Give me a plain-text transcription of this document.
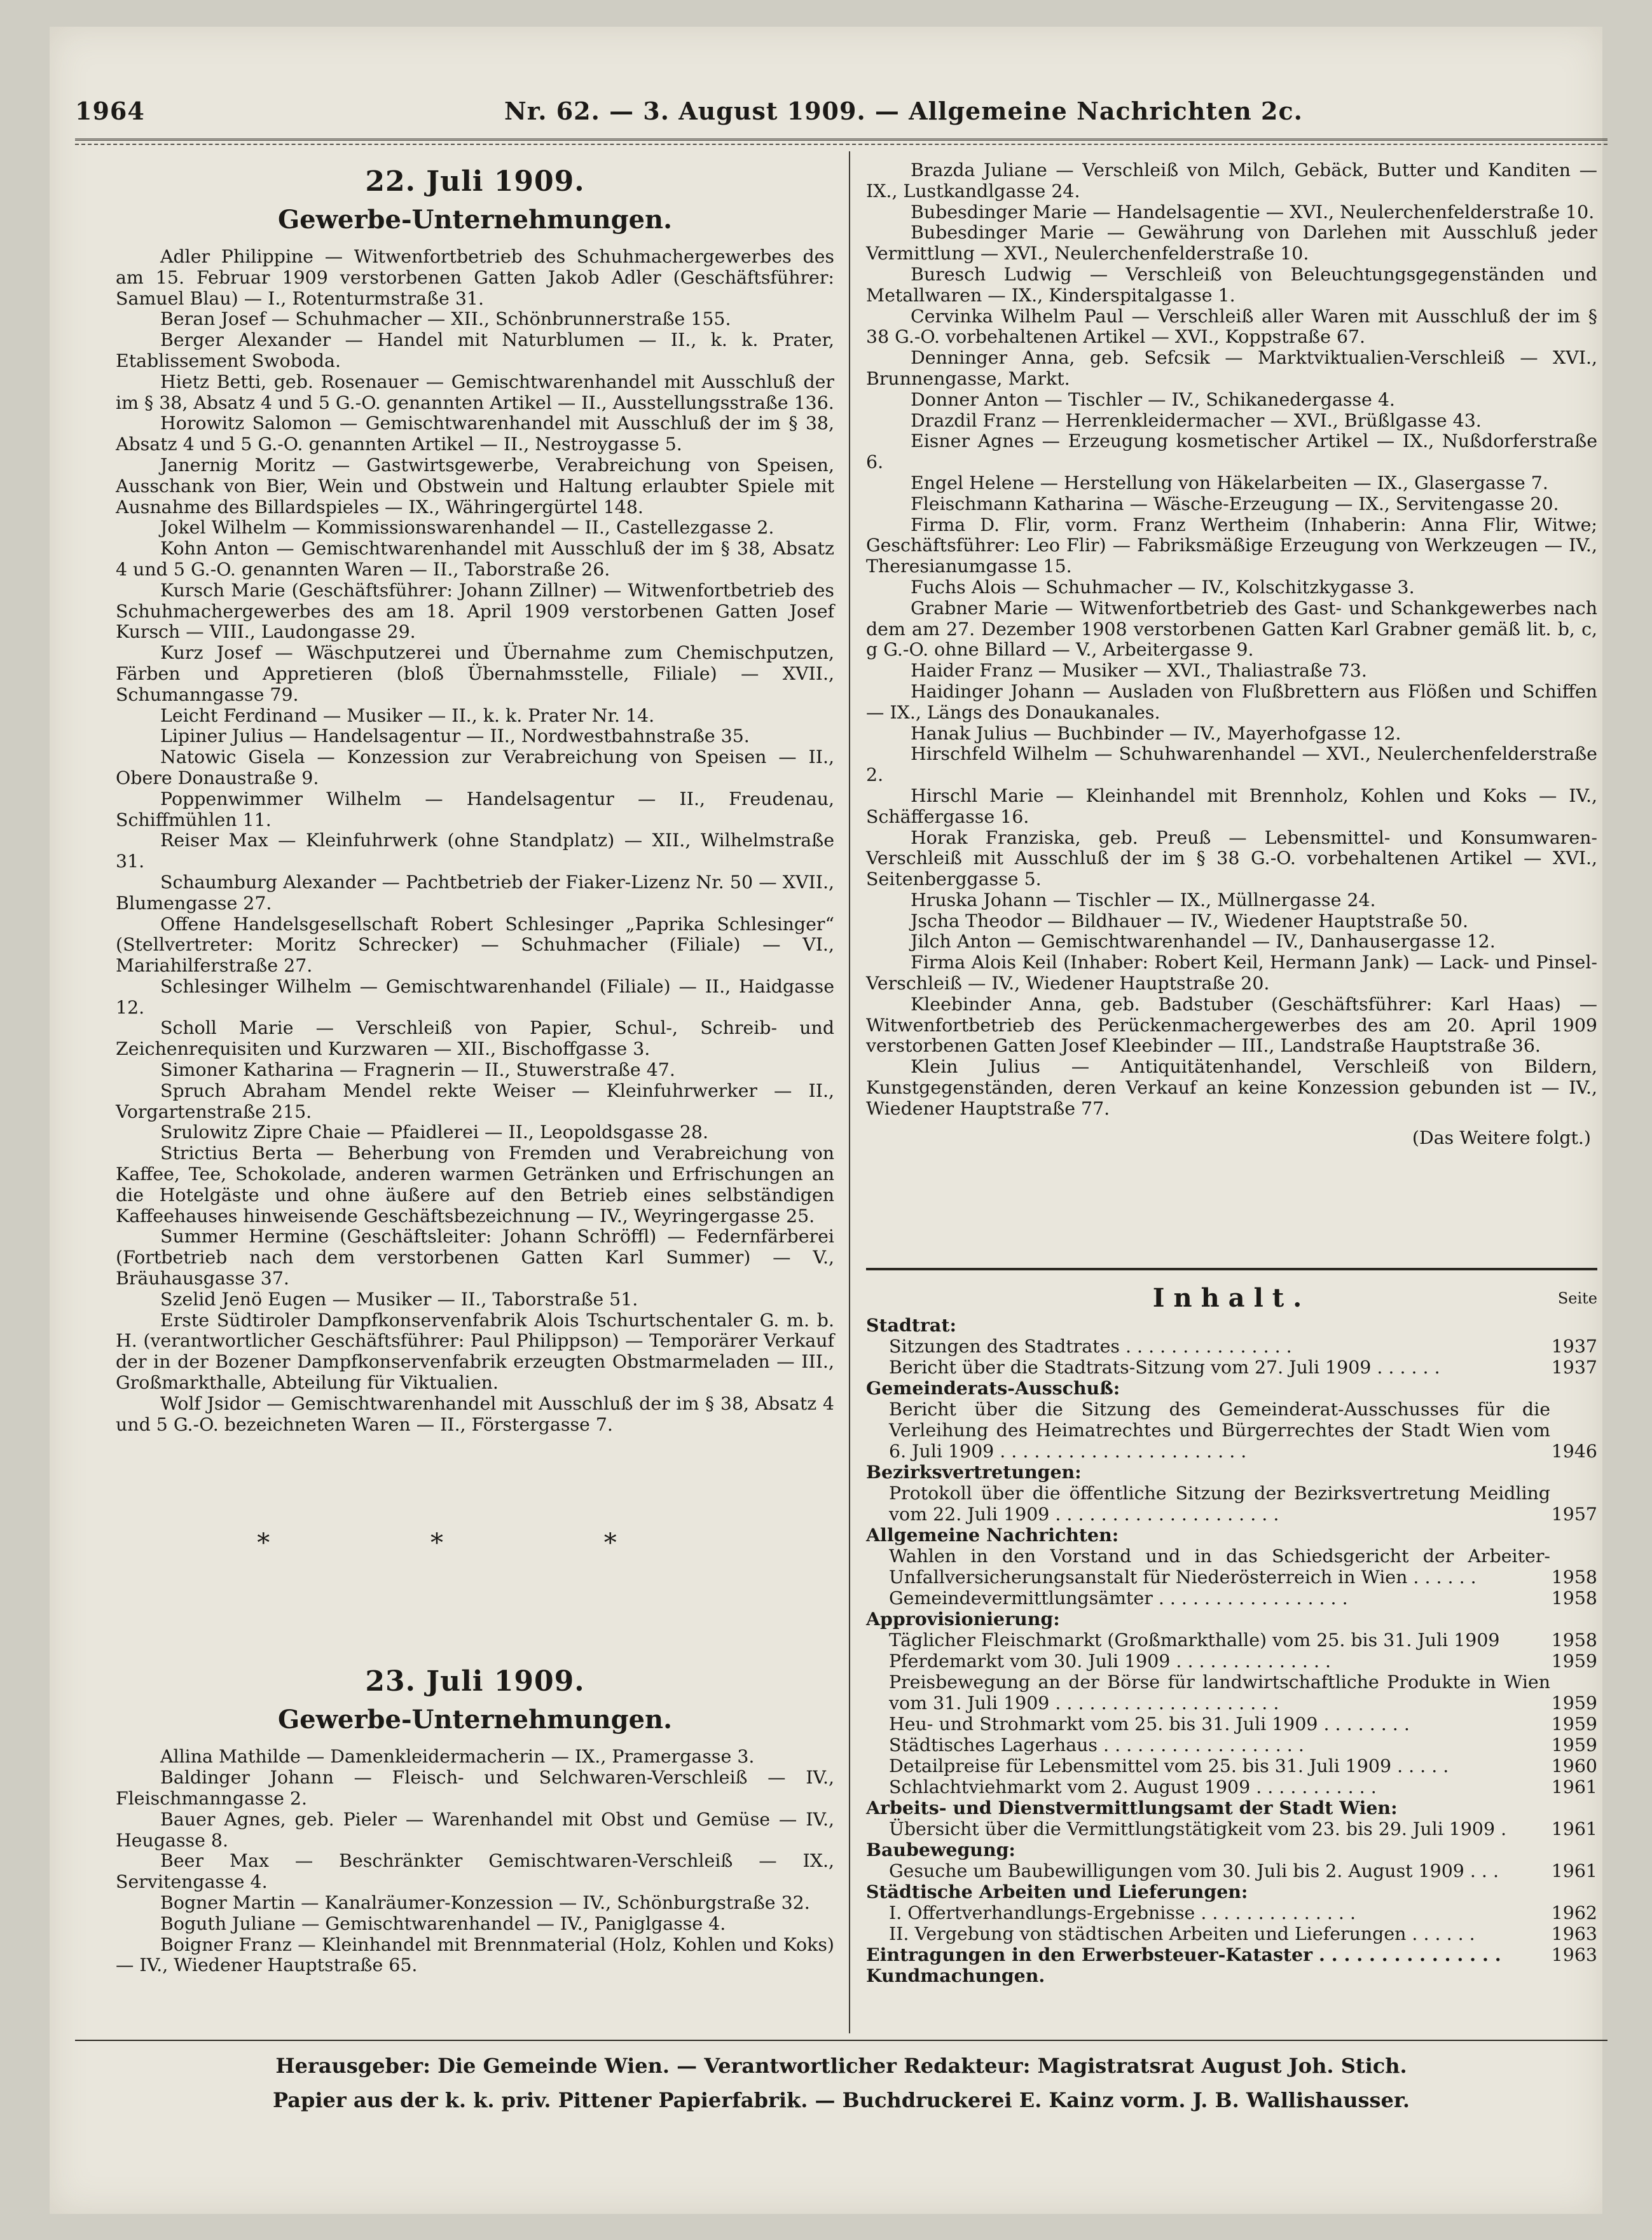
1964	Nr. 62. — 3. August 1909. — Allgemeine Nachrichten 2c.
22. Juli 1909.
Gewerbe-Unternehmungen.

Adler Philippine — Witwenfortbetrieb des Schuhmachergewerbes des am 15. Februar 1909 verstorbenen Gatten Jakob Adler (Geschäftsführer: Samuel Blau) — I., Rotenturmstraße 31.

Beran Josef — Schuhmacher — XII., Schönbrunnerstraße 155.

Berger Alexander — Handel mit Naturblumen — II., k. k. Prater, Etablissement Swoboda.

Hietz Betti, geb. Rosenauer — Gemischtwarenhandel mit Ausschluß der im § 38, Absatz 4 und 5 G.-O. genannten Artikel — II., Ausstellungsstraße 136.

Horowitz Salomon — Gemischtwarenhandel mit Ausschluß der im § 38, Absatz 4 und 5 G.-O. genannten Artikel — II., Nestroygasse 5.

Janernig Moritz — Gastwirtsgewerbe, Verabreichung von Speisen, Ausschank von Bier, Wein und Obstwein und Haltung erlaubter Spiele mit Ausnahme des Billardspieles — IX., Währingergürtel 148.

Jokel Wilhelm — Kommissionswarenhandel — II., Castellezgasse 2.

Kohn Anton — Gemischtwarenhandel mit Ausschluß der im § 38, Absatz 4 und 5 G.-O. genannten Waren — II., Taborstraße 26.

Kursch Marie (Geschäftsführer: Johann Zillner) — Witwenfortbetrieb des Schuhmachergewerbes des am 18. April 1909 verstorbenen Gatten Josef Kursch — VIII., Laudongasse 29.

Kurz Josef — Wäschputzerei und Übernahme zum Chemischputzen, Färben und Appretieren (bloß Übernahmsstelle, Filiale) — XVII., Schumanngasse 79.

Leicht Ferdinand — Musiker — II., k. k. Prater Nr. 14.

Lipiner Julius — Handelsagentur — II., Nordwestbahnstraße 35.

Natowic Gisela — Konzession zur Verabreichung von Speisen — II., Obere Donaustraße 9.

Poppenwimmer Wilhelm — Handelsagentur — II., Freudenau, Schiffmühlen 11.

Reiser Max — Kleinfuhrwerk (ohne Standplatz) — XII., Wilhelmstraße 31.

Schaumburg Alexander — Pachtbetrieb der Fiaker-Lizenz Nr. 50 — XVII., Blumengasse 27.

Offene Handelsgesellschaft Robert Schlesinger „Paprika Schlesinger“ (Stellvertreter: Moritz Schrecker) — Schuhmacher (Filiale) — VI., Mariahilferstraße 27.

Schlesinger Wilhelm — Gemischtwarenhandel (Filiale) — II., Haidgasse 12.

Scholl Marie — Verschleiß von Papier, Schul-, Schreib- und Zeichenrequisiten und Kurzwaren — XII., Bischoffgasse 3.

Simoner Katharina — Fragnerin — II., Stuwerstraße 47.

Spruch Abraham Mendel rekte Weiser — Kleinfuhrwerker — II., Vorgartenstraße 215.

Srulowitz Zipre Chaie — Pfaidlerei — II., Leopoldsgasse 28.

Strictius Berta — Beherbung von Fremden und Verabreichung von Kaffee, Tee, Schokolade, anderen warmen Getränken und Erfrischungen an die Hotelgäste und ohne äußere auf den Betrieb eines selbständigen Kaffeehauses hinweisende Geschäftsbezeichnung — IV., Weyringergasse 25.

Summer Hermine (Geschäftsleiter: Johann Schröffl) — Federnfärberei (Fortbetrieb nach dem verstorbenen Gatten Karl Summer) — V., Bräuhausgasse 37.

Szelid Jenö Eugen — Musiker — II., Taborstraße 51.

Erste Südtiroler Dampfkonservenfabrik Alois Tschurtschentaler G. m. b. H. (verantwortlicher Geschäftsführer: Paul Philippson) — Temporärer Verkauf der in der Bozener Dampfkonservenfabrik erzeugten Obstmarmeladen — III., Großmarkthalle, Abteilung für Viktualien.

Wolf Jsidor — Gemischtwarenhandel mit Ausschluß der im § 38, Absatz 4 und 5 G.-O. bezeichneten Waren — II., Förstergasse 7.

* * *
23. Juli 1909.
Gewerbe-Unternehmungen.

Allina Mathilde — Damenkleidermacherin — IX., Pramergasse 3.

Baldinger Johann — Fleisch- und Selchwaren-Verschleiß — IV., Fleischmanngasse 2.

Bauer Agnes, geb. Pieler — Warenhandel mit Obst und Gemüse — IV., Heugasse 8.

Beer Max — Beschränkter Gemischtwaren-Verschleiß — IX., Servitengasse 4.

Bogner Martin — Kanalräumer-Konzession — IV., Schönburgstraße 32.

Boguth Juliane — Gemischtwarenhandel — IV., Paniglgasse 4.

Boigner Franz — Kleinhandel mit Brennmaterial (Holz, Kohlen und Koks) — IV., Wiedener Hauptstraße 65.

Brazda Juliane — Verschleiß von Milch, Gebäck, Butter und Kanditen — IX., Lustkandlgasse 24.

Bubesdinger Marie — Handelsagentie — XVI., Neulerchenfelderstraße 10.

Bubesdinger Marie — Gewährung von Darlehen mit Ausschluß jeder Vermittlung — XVI., Neulerchenfelderstraße 10.

Buresch Ludwig — Verschleiß von Beleuchtungsgegenständen und Metallwaren — IX., Kinderspitalgasse 1.

Cervinka Wilhelm Paul — Verschleiß aller Waren mit Ausschluß der im § 38 G.-O. vorbehaltenen Artikel — XVI., Koppstraße 67.

Denninger Anna, geb. Sefcsik — Marktviktualien-Verschleiß — XVI., Brunnengasse, Markt.

Donner Anton — Tischler — IV., Schikanedergasse 4.

Drazdil Franz — Herrenkleidermacher — XVI., Brüßlgasse 43.

Eisner Agnes — Erzeugung kosmetischer Artikel — IX., Nußdorferstraße 6.

Engel Helene — Herstellung von Häkelarbeiten — IX., Glasergasse 7.

Fleischmann Katharina — Wäsche-Erzeugung — IX., Servitengasse 20.

Firma D. Flir, vorm. Franz Wertheim (Inhaberin: Anna Flir, Witwe; Geschäftsführer: Leo Flir) — Fabriksmäßige Erzeugung von Werkzeugen — IV., Theresianumgasse 15.

Fuchs Alois — Schuhmacher — IV., Kolschitzkygasse 3.

Grabner Marie — Witwenfortbetrieb des Gast- und Schankgewerbes nach dem am 27. Dezember 1908 verstorbenen Gatten Karl Grabner gemäß lit. b, c, g G.-O. ohne Billard — V., Arbeitergasse 9.

Haider Franz — Musiker — XVI., Thaliastraße 73.

Haidinger Johann — Ausladen von Flußbrettern aus Flößen und Schiffen — IX., Längs des Donaukanales.

Hanak Julius — Buchbinder — IV., Mayerhofgasse 12.

Hirschfeld Wilhelm — Schuhwarenhandel — XVI., Neulerchenfelderstraße 2.

Hirschl Marie — Kleinhandel mit Brennholz, Kohlen und Koks — IV., Schäffergasse 16.

Horak Franziska, geb. Preuß — Lebensmittel- und Konsumwaren-Verschleiß mit Ausschluß der im § 38 G.-O. vorbehaltenen Artikel — XVI., Seitenberggasse 5.

Hruska Johann — Tischler — IX., Müllnergasse 24.

Jscha Theodor — Bildhauer — IV., Wiedener Hauptstraße 50.

Jilch Anton — Gemischtwarenhandel — IV., Danhausergasse 12.

Firma Alois Keil (Inhaber: Robert Keil, Hermann Jank) — Lack- und Pinsel-Verschleiß — IV., Wiedener Hauptstraße 20.

Kleebinder Anna, geb. Badstuber (Geschäftsführer: Karl Haas) — Witwenfortbetrieb des Perückenmachergewerbes des am 20. April 1909 verstorbenen Gatten Josef Kleebinder — III., Landstraße Hauptstraße 36.

Klein Julius — Antiquitätenhandel, Verschleiß von Bildern, Kunstgegenständen, deren Verkauf an keine Konzession gebunden ist — IV., Wiedener Hauptstraße 77.

(Das Weitere folgt.)
Inhalt.	Seite
Stadtrat:
Sitzungen des Stadtrates . . . . . . . . . . . . . . .	1937
Bericht über die Stadtrats-Sitzung vom 27. Juli 1909 . . . . . .	1937
Gemeinderats-Ausschuß:
Bericht über die Sitzung des Gemeinderat-Ausschusses für die Verleihung des Heimatrechtes und Bürgerrechtes der Stadt Wien vom 6. Juli 1909 . . . . . . . . . . . . . . . . . . . . . .	1946
Bezirksvertretungen:
Protokoll über die öffentliche Sitzung der Bezirksvertretung Meidling vom 22. Juli 1909 . . . . . . . . . . . . . . . . . . . .	1957
Allgemeine Nachrichten:
Wahlen in den Vorstand und in das Schiedsgericht der Arbeiter-Unfallversicherungsanstalt für Niederösterreich in Wien . . . . . .	1958
Gemeindevermittlungsämter . . . . . . . . . . . . . . . . .	1958
Approvisionierung:
Täglicher Fleischmarkt (Großmarkthalle) vom 25. bis 31. Juli 1909	1958
Pferdemarkt vom 30. Juli 1909 . . . . . . . . . . . . . .	1959
Preisbewegung an der Börse für landwirtschaftliche Produkte in Wien vom 31. Juli 1909 . . . . . . . . . . . . . . . . . . . .	1959
Heu- und Strohmarkt vom 25. bis 31. Juli 1909 . . . . . . . .	1959
Städtisches Lagerhaus . . . . . . . . . . . . . . . . . .	1959
Detailpreise für Lebensmittel vom 25. bis 31. Juli 1909 . . . . .	1960
Schlachtviehmarkt vom 2. August 1909 . . . . . . . . . . .	1961
Arbeits- und Dienstvermittlungsamt der Stadt Wien:
Übersicht über die Vermittlungstätigkeit vom 23. bis 29. Juli 1909 .	1961
Baubewegung:
Gesuche um Baubewilligungen vom 30. Juli bis 2. August 1909 . . .	1961
Städtische Arbeiten und Lieferungen:
I. Offertverhandlungs-Ergebnisse . . . . . . . . . . . . . .	1962
II. Vergebung von städtischen Arbeiten und Lieferungen . . . . . .	1963
Eintragungen in den Erwerbsteuer-Kataster . . . . . . . . . . . . . . .	1963
Kundmachungen.
Herausgeber: Die Gemeinde Wien. — Verantwortlicher Redakteur: Magistratsrat August Joh. Stich.
Papier aus der k. k. priv. Pittener Papierfabrik. — Buchdruckerei E. Kainz vorm. J. B. Wallishausser.
